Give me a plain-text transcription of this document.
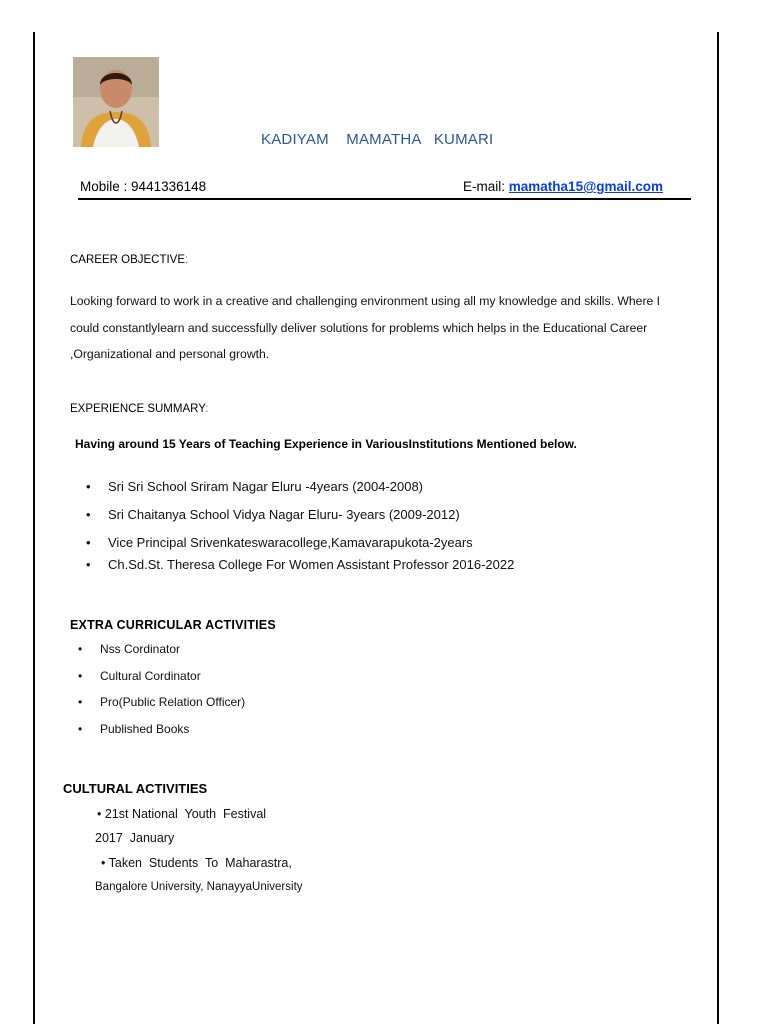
KADIYAM    MAMATHA   KUMARI
Mobile : 9441336148	E-mail: mamatha15@gmail.com
CAREER OBJECTIVE:
Looking forward to work in a creative and challenging environment using all my knowledge and skills. Where I could constantlylearn and successfully deliver solutions for problems which helps in the Educational Career ,Organizational and personal growth.
EXPERIENCE SUMMARY:
Having around 15 Years of Teaching Experience in VariousInstitutions Mentioned below.
• Sri Sri School Sriram Nagar Eluru -4years (2004-2008)
• Sri Chaitanya School Vidya Nagar Eluru- 3years (2009-2012)
• Vice Principal Srivenkateswaracollege,Kamavarapukota-2years
• Ch.Sd.St. Theresa College For Women Assistant Professor 2016-2022
EXTRA CURRICULAR ACTIVITIES
• Nss Cordinator
• Cultural Cordinator
• Pro(Public Relation Officer)
• Published Books
CULTURAL ACTIVITIES
• 21st National  Youth  Festival
2017  January
• Taken  Students  To  Maharastra,
Bangalore University, NanayyaUniversity
